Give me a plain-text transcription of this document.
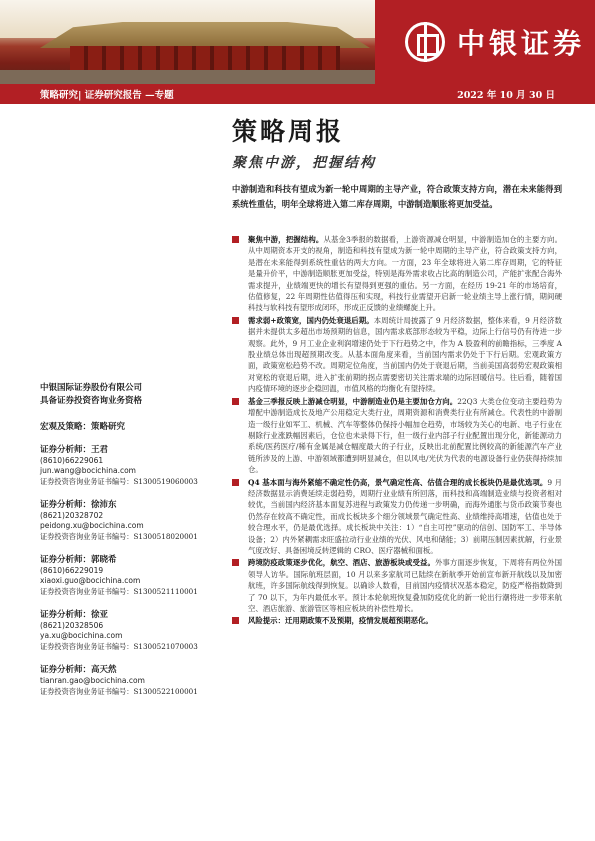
中银证券
策略研究| 证券研究报告 —专题	2022 年 10 月 30 日
策略周报
聚焦中游，把握结构
中游制造和科技有望成为新一轮中周期的主导产业，符合政策支持方向，潜在未来能得到系统性重估，明年全球将进入第二库存周期，中游制造顺胀将更加受益。
聚焦中游，把握结构。从基金3季报的数据看，上游资源减仓明显，中游制造加仓的主要方向。从中周期资本开支的视角，制造和科技有望成为新一轮中周期的主导产业，符合政策支持方向，是潜在未来能得到系统性重估的两大方向。一方面，23 年全球将进入第二库存周期，它的特征是量升价平，中游制造顺胀更加受益，特别是海外需求收占比高的制造公司，产能扩张配合海外需求提升，业绩端更快的增长有望得到更强的重估。另一方面，在经历 19-21 年的市场培育，估值修复，22 年周期性估值得压和实现，科技行业需望开启新一轮业绩主导上涨行情，期间硬科技与软科技有望形成闭环，形成正反馈的业绩螺旋上升。
需求弱+政策宽，国内仍处衰退后期。本周统计局披露了 9 月经济数据，整体来看，9 月经济数据并未提供太多超出市场预期的信息，国内需求底部形态较为平稳，边际上行信号仍有待进一步观察。此外，9 月工业企业利润增速仍处于下行趋势之中，作为 A 股盈利的前瞻指标，三季度 A 股业绩总体出现超预期改变。从基本面角度来看，当前国内需求仍处于下行后期。宏观政策方面，政策宽松趋势不改。周期定位角度，当前国内仍处于衰退后期，当前美国高弱势宏观政策相对宽松的衰退后期，进入扩张前期的拐点需要密切关注需求端的边际回暖信号。往后看，随着国内疫情环境的逐步企稳回温，市值风格的均衡化有望持续。
基金三季报反映上游减仓明显，中游制造业仍是主要加仓方向。22Q3 大类仓位变动主要趋势为增配中游制造成长及地产公用稳定大类行业，周期资源和消费类行业有所减仓。代表性的中游制造一级行业如军工、机械、汽车等整体仍保持小幅加仓趋势，市场较为关心的电新、电子行业在剔除行业涨跌幅因素后，仓位也未录得下行，但一级行业内部子行业配置出现分化，新能源动力系统/医药医疗/稀有金属是减仓幅度最大的子行业，反映出北前配置比例较高的新能源汽车产业链所涉及的上游、中游领域都遭到明显减仓，但以风电/光伏为代表的电源设备行业仍获得持续加仓。
Q4 基本面与海外紧缩不确定性仍高，景气确定性高、估值合理的成长板块仍是最优选项。9 月经济数据显示消费延续走弱趋势，周期行业业绩有所回落，而科技和高端制造业绩与投资者相对较优，当前国内经济基本面复苏进程与政策发力仍传递一步明确，而海外通胀与货币政策节奏也仍然存在较高不确定性，而成长板块多个细分领域景气确定性高、业绩维持高增速，估值也处于较合理水平，仍是最优选择。成长板块中关注：1）“自主可控”驱动的信创、国防军工、半导体设备；2）内外紧耦需求旺盛拉动行业业绩的光伏、风电和储能；3）前期压制因素扰解，行业景气度改好、具备困境反转逻辑的 CRO、医疗器械和面板。
跨境防疫政策逐步优化，航空、酒店、旅游板块或受益。外事方面逐步恢复，下周将有两位外国领导人访华。国际航班层面，10 月以来多家航司已陆续在新航季开始前宣布新开航线以及加密航班，许多国际航线得到恢复。以确诊人数看，目前国内疫情状况基本稳定，防疫严格指数降到了 70 以下，为年内最低水平。预计本轮航班恢复叠加防疫优化的新一轮出行潮将进一步带来航空、酒店旅游、旅游管区等相应板块的补偿性增长。
风险提示：迁用期政策不及预期，疫情发展超预期恶化。
中银国际证券股份有限公司
具备证券投资咨询业务资格
宏观及策略：策略研究
证券分析师：王君
(8610)66229061
jun.wang@bocichina.com
证券投资咨询业务证书编号：S1300519060003
证券分析师：徐沛东
(8621)20328702
peidong.xu@bocichina.com
证券投资咨询业务证书编号：S1300518020001
证券分析师：郭晓希
(8610)66229019
xiaoxi.guo@bocichina.com
证券投资咨询业务证书编号：S1300521110001
证券分析师：徐亚
(8621)20328506
ya.xu@bocichina.com
证券投资咨询业务证书编号：S1300521070003
证券分析师：高天然
tianran.gao@bocichina.com
证券投资咨询业务证书编号：S1300522100001
